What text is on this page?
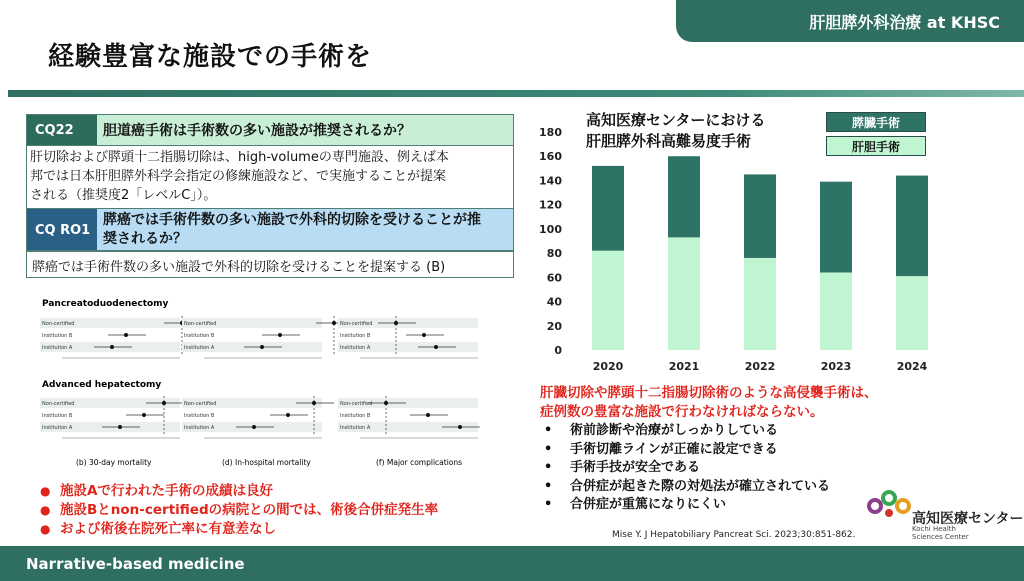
肝胆膵外科治療 at KHSC
経験豊富な施設での手術を
CQ22	胆道癌手術は手術数の多い施設が推奨されるか？
肝切除および膵頭十二指腸切除は、high-volumeの専門施設、例えば本
邦では日本肝胆膵外科学会指定の修練施設など、で実施することが提案
される（推奨度2「レベルC」）。
CQ RO1
膵癌では手術件数の多い施設で外科的切除を受けることが推
奨されるか？
膵癌では手術件数の多い施設で外科的切除を受けることを提案する (B)
Pancreatoduodenectomy
Advanced hepatectomy
Non-certified
Institution B
Institution A
Non-certified
Institution B
Institution A
Non-certified
Institution B
Institution A
Non-certified
Institution B
Institution A
Non-certified
Institution B
Institution A
Non-certified
Institution B
Institution A
(b) 30-day mortality	(d) In-hospital mortality	(f) Major complications
● 施設Aで行われた手術の成績は良好
● 施設Bとnon-certifiedの病院との間では、術後合併症発生率
● および術後在院死亡率に有意差なし
高知医療センターにおける
肝胆膵外科高難易度手術
0
20
40
60
80
100
120
140
160
180
2020	2021	2022	2023	2024
膵臓手術
肝胆手術
肝臓切除や膵頭十二指腸切除術のような高侵襲手術は、
症例数の豊富な施設で行わなければならない。
• 術前診断や治療がしっかりしている
• 手術切離ラインが正確に設定できる
• 手術手技が安全である
• 合併症が起きた際の対処法が確立されている
• 合併症が重篤になりにくい
Mise Y. J Hepatobiliary Pancreat Sci. 2023;30:851-862.
高知医療センター
Kochi Health
Sciences Center
Narrative-based medicine
